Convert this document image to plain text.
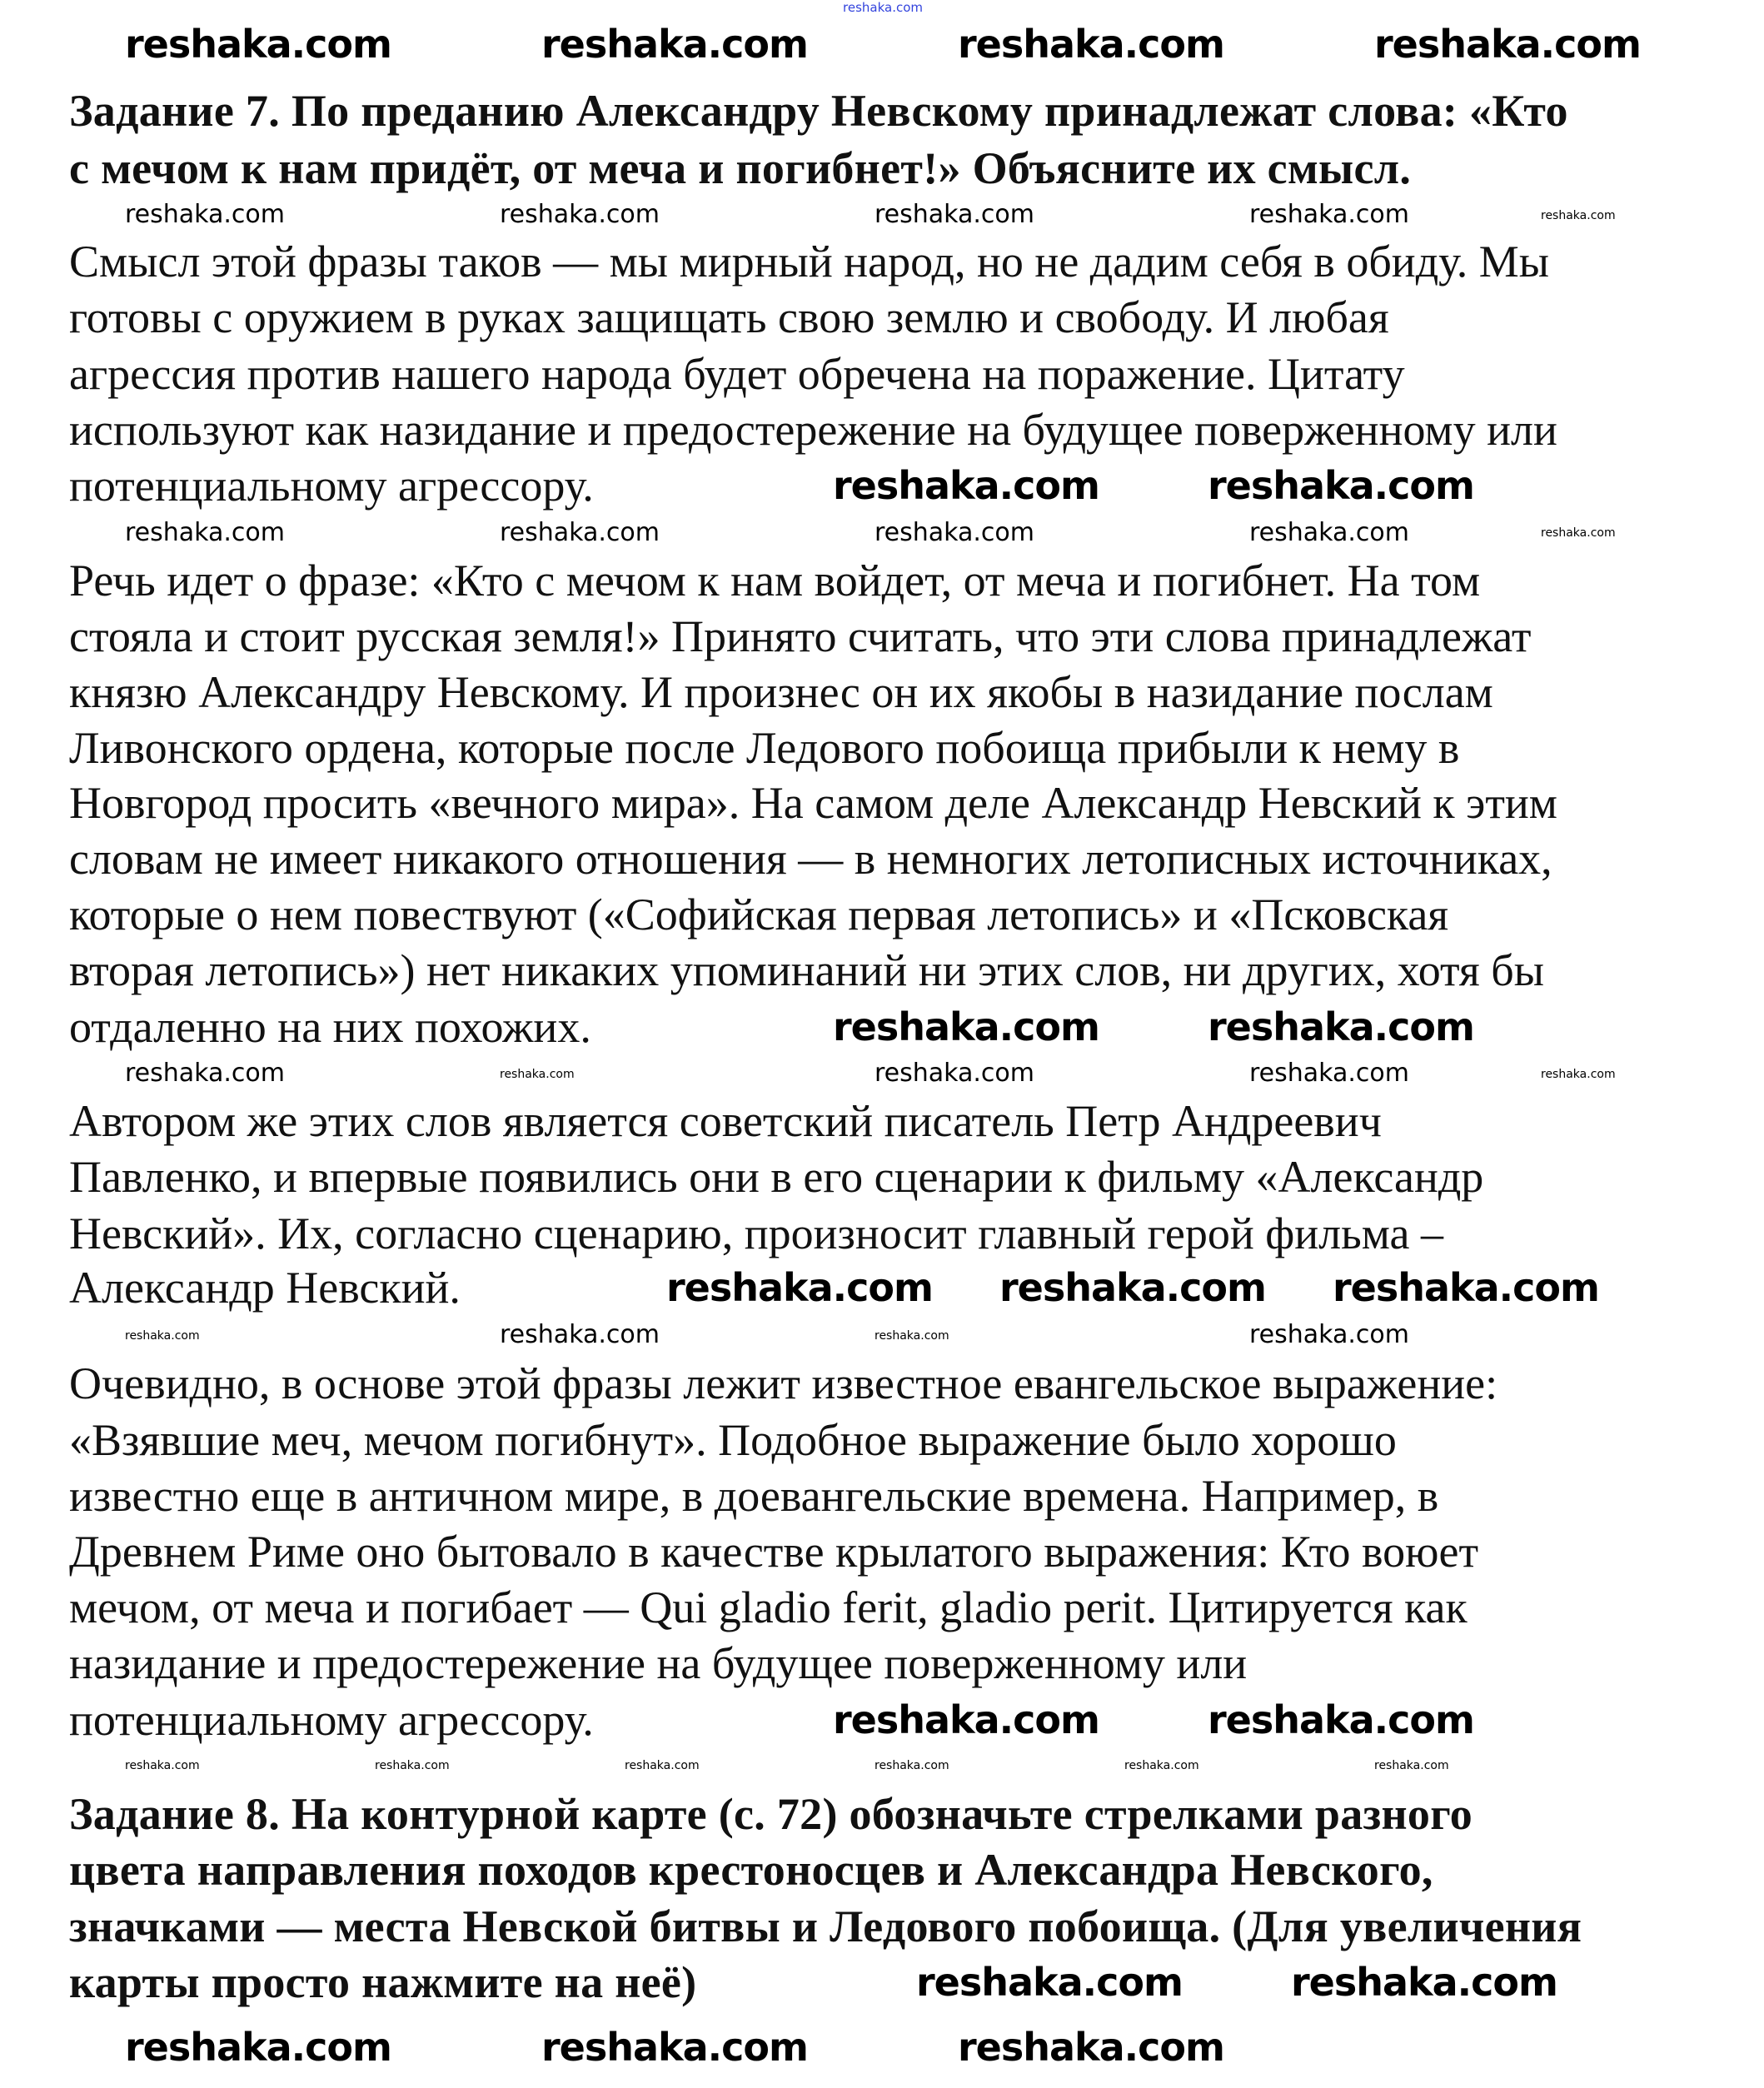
Задание 7. По преданию Александру Невскому принадлежат слова: «Кто
с мечом к нам придёт, от меча и погибнет!» Объясните их смысл.
Смысл этой фразы таков — мы мирный народ, но не дадим себя в обиду. Мы
готовы с оружием в руках защищать свою землю и свободу. И любая
агрессия против нашего народа будет обречена на поражение. Цитату
используют как назидание и предостережение на будущее поверженному или
потенциальному агрессору.
Речь идет о фразе: «Кто с мечом к нам войдет, от меча и погибнет. На том
стояла и стоит русская земля!» Принято считать, что эти слова принадлежат
князю Александру Невскому. И произнес он их якобы в назидание послам
Ливонского ордена, которые после Ледового побоища прибыли к нему в
Новгород просить «вечного мира». На самом деле Александр Невский к этим
словам не имеет никакого отношения — в немногих летописных источниках,
которые о нем повествуют («Софийская первая летопись» и «Псковская
вторая летопись») нет никаких упоминаний ни этих слов, ни других, хотя бы
отдаленно на них похожих.
Автором же этих слов является советский писатель Петр Андреевич
Павленко, и впервые появились они в его сценарии к фильму «Александр
Невский». Их, согласно сценарию, произносит главный герой фильма –
Александр Невский.
Очевидно, в основе этой фразы лежит известное евангельское выражение:
«Взявшие меч, мечом погибнут». Подобное выражение было хорошо
известно еще в античном мире, в доевангельские времена. Например, в
Древнем Риме оно бытовало в качестве крылатого выражения: Кто воюет
мечом, от меча и погибает — Qui gladio ferit, gladio perit. Цитируется как
назидание и предостережение на будущее поверженному или
потенциальному агрессору.
Задание 8. На контурной карте (с. 72) обозначьте стрелками разного
цвета направления походов крестоносцев и Александра Невского,
значками — места Невской битвы и Ледового побоища. (Для увеличения
карты просто нажмите на неё)
reshaka.com
reshaka.com	reshaka.com	reshaka.com	reshaka.com
reshaka.com	reshaka.com
reshaka.com	reshaka.com
reshaka.com reshaka.com reshaka.com
reshaka.com	reshaka.com
reshaka.com	reshaka.com
reshaka.com	reshaka.com	reshaka.com
reshaka.com	reshaka.com	reshaka.com	reshaka.com
reshaka.com	reshaka.com	reshaka.com	reshaka.com
reshaka.com	reshaka.com	reshaka.com
reshaka.com	reshaka.com
reshaka.com
reshaka.com
reshaka.com	reshaka.com
reshaka.com	reshaka.com
reshaka.com	reshaka.com	reshaka.com	reshaka.com	reshaka.com	reshaka.com
